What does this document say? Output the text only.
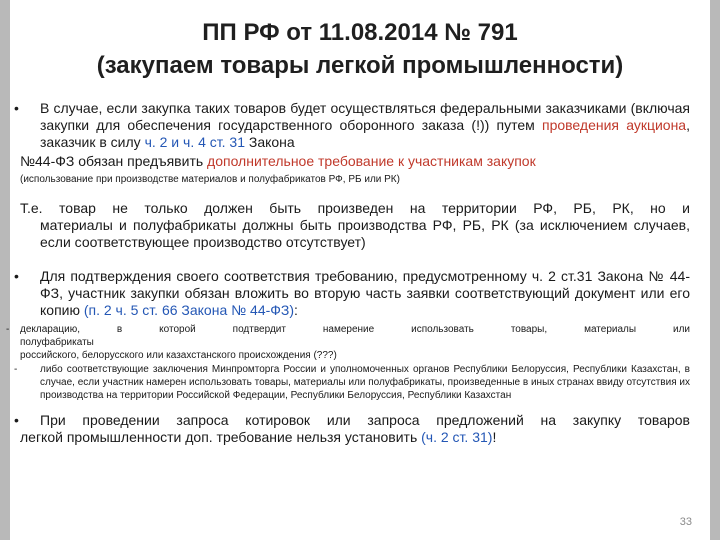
ПП РФ от 11.08.2014 № 791
(закупаем товары легкой промышленности)

• В случае, если закупка таких товаров будет осуществляться федеральными заказчиками (включая закупки для обеспечения государственного оборонного заказа (!)) путем проведения аукциона, заказчик в силу ч. 2 и ч. 4 ст. 31 Закона

№44-ФЗ обязан предъявить дополнительное требование к участникам закупок

(использование при производстве материалов и полуфабрикатов РФ, РБ или РК)

Т.е. товар не только должен быть произведен на территории РФ, РБ, РК, но и

материалы и полуфабрикаты должны быть производства РФ, РБ, РК (за исключением случаев, если соответствующее производство отсутствует)

• Для подтверждения своего соответствия требованию, предусмотренному ч. 2 ст.31 Закона № 44-ФЗ, участник закупки обязан вложить во вторую часть заявки соответствующий документ или его копию (п. 2 ч. 5 ст. 66 Закона № 44-ФЗ):

- декларацию, в которой подтвердит намерение использовать товары, материалы или

полуфабрикаты

российского, белорусского или казахстанского происхождения (???)

- либо соответствующие заключения Минпромторга России и уполномоченных органов Республики Белоруссия, Республики Казахстан, в случае, если участник намерен использовать товары, материалы или полуфабрикаты, произведенные в иных странах ввиду отсутствия их производства на территории Российской Федерации, Республики Белоруссия, Республики Казахстан

• При проведении запроса котировок или запроса предложений на закупку товаров

легкой промышленности доп. требование нельзя установить (ч. 2 ст. 31)!

33
